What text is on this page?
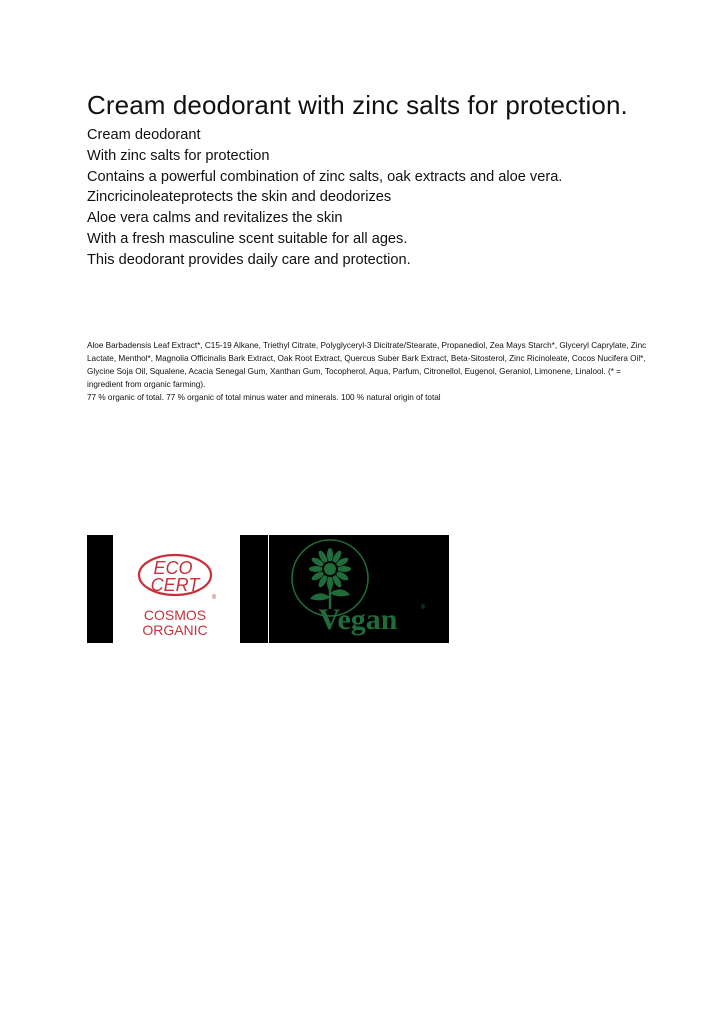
Cream deodorant with zinc salts for protection.
Cream deodorant
With zinc salts for protection
Contains a powerful combination of zinc salts, oak extracts and aloe vera.
Zincricinoleateprotects the skin and deodorizes
Aloe vera calms and revitalizes the skin
With a fresh masculine scent suitable for all ages.
This deodorant provides daily care and protection.

Aloe Barbadensis Leaf Extract*, C15-19 Alkane, Triethyl Citrate, Polyglyceryl-3 Dicitrate/Stearate, Propanediol, Zea Mays Starch*, Glyceryl Caprylate, Zinc Lactate, Menthol*, Magnolia Officinalis Bark Extract, Oak Root Extract, Quercus Suber Bark Extract, Beta-Sitosterol, Zinc Ricinoleate, Cocos Nucifera Oil*, Glycine Soja Oil, Squalene, Acacia Senegal Gum, Xanthan Gum, Tocopherol, Aqua, Parfum, Citronellol, Eugenol, Geraniol, Limonene, Linalool. (* = ingredient from organic farming).

77 % organic of total. 77 % organic of total minus water and minerals. 100 % natural origin of total

ECO
CERT
®
COSMOS
ORGANIC	Vegan	®
